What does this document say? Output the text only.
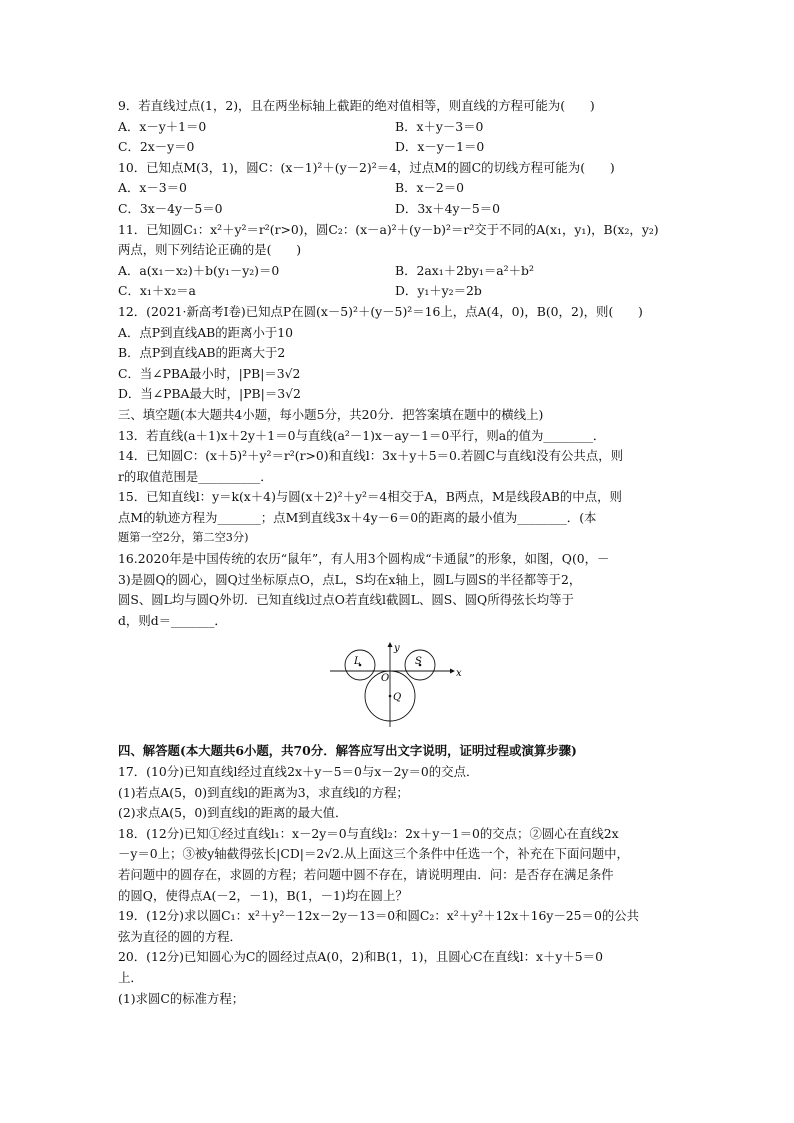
9．若直线过点(1，2)，且在两坐标轴上截距的绝对值相等，则直线的方程可能为(　　)
A．x－y＋1＝0	B．x＋y－3＝0
C．2x－y＝0	D．x－y－1＝0
10．已知点M(3，1)，圆C：(x－1)²＋(y－2)²＝4，过点M的圆C的切线方程可能为(　　)
A．x－3＝0	B．x－2＝0
C．3x－4y－5＝0	D．3x＋4y－5＝0
11．已知圆C₁：x²＋y²＝r²(r>0)，圆C₂：(x－a)²＋(y－b)²＝r²交于不同的A(x₁，y₁)，B(x₂，y₂)
两点，则下列结论正确的是(　　)
A．a(x₁－x₂)＋b(y₁－y₂)＝0	B．2ax₁＋2by₁＝a²＋b²
C．x₁＋x₂＝a	D．y₁＋y₂＝2b
12．(2021·新高考Ⅰ卷)已知点P在圆(x－5)²＋(y－5)²＝16上，点A(4，0)，B(0，2)，则(　　)
A．点P到直线AB的距离小于10
B．点P到直线AB的距离大于2
C．当∠PBA最小时，|PB|＝3√2
D．当∠PBA最大时，|PB|＝3√2
三、填空题(本大题共4小题，每小题5分，共20分．把答案填在题中的横线上)
13．若直线(a＋1)x＋2y＋1＝0与直线(a²－1)x－ay－1＝0平行，则a的值为________．
14．已知圆C：(x＋5)²＋y²＝r²(r>0)和直线l：3x＋y＋5＝0.若圆C与直线l没有公共点，则
r的取值范围是__________．
15．已知直线l：y＝k(x＋4)与圆(x＋2)²＋y²＝4相交于A，B两点，M是线段AB的中点，则
点M的轨迹方程为_______；点M到直线3x＋4y－6＝0的距离的最小值为________．(本
题第一空2分，第二空3分)
16.2020年是中国传统的农历“鼠年”，有人用3个圆构成“卡通鼠”的形象，如图，Q(0，－
3)是圆Q的圆心，圆Q过坐标原点O，点L，S均在x轴上，圆L与圆S的半径都等于2，
圆S、圆L均与圆Q外切．已知直线l过点O若直线l截圆L、圆S、圆Q所得弦长均等于
d，则d＝_______．
y
x
L	S
O
Q
四、解答题(本大题共6小题，共70分．解答应写出文字说明，证明过程或演算步骤)
17．(10分)已知直线l经过直线2x＋y－5＝0与x－2y＝0的交点．
(1)若点A(5，0)到直线l的距离为3，求直线l的方程；
(2)求点A(5，0)到直线l的距离的最大值．
18．(12分)已知①经过直线l₁：x－2y＝0与直线l₂：2x＋y－1＝0的交点；②圆心在直线2x
－y＝0上；③被y轴截得弦长|CD|＝2√2.从上面这三个条件中任选一个，补充在下面问题中，
若问题中的圆存在，求圆的方程；若问题中圆不存在，请说明理由．问：是否存在满足条件
的圆Q，使得点A(－2，－1)，B(1，－1)均在圆上？
19．(12分)求以圆C₁：x²＋y²－12x－2y－13＝0和圆C₂：x²＋y²＋12x＋16y－25＝0的公共
弦为直径的圆的方程．
20．(12分)已知圆心为C的圆经过点A(0，2)和B(1，1)，且圆心C在直线l：x＋y＋5＝0
上．
(1)求圆C的标准方程；
